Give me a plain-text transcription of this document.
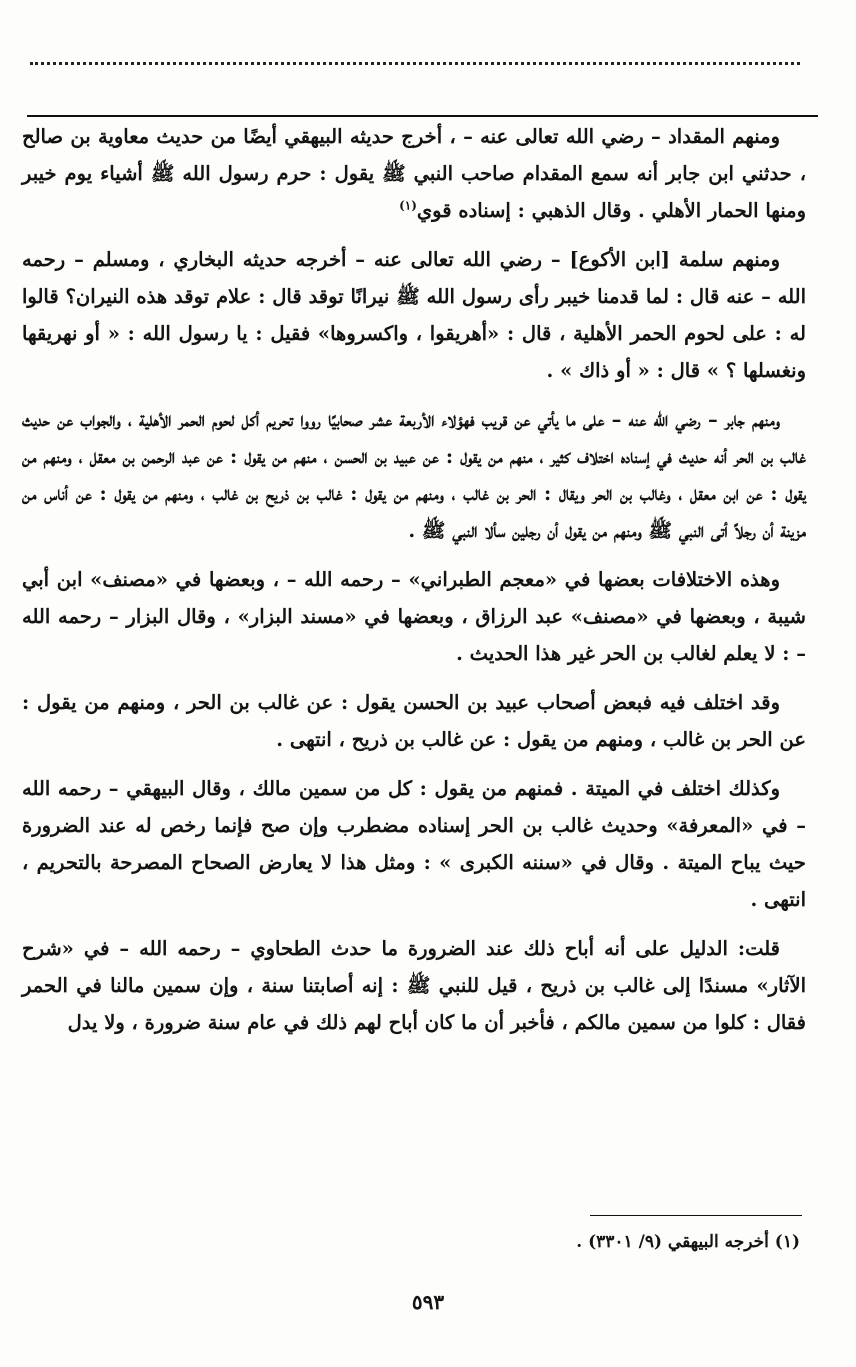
ومنهم المقداد – رضي الله تعالى عنه – ، أخرج حديثه البيهقي أيضًا من حديث معاوية بن صالح ، حدثني ابن جابر أنه سمع المقدام صاحب النبي ﷺ يقول : حرم رسول الله ﷺ أشياء يوم خيبر ومنها الحمار الأهلي . وقال الذهبي : إسناده قوي$^{(١)}$

ومنهم سلمة [ابن الأكوع] – رضي الله تعالى عنه – أخرجه حديثه البخاري ، ومسلم – رحمه الله – عنه قال : لما قدمنا خيبر رأى رسول الله ﷺ نيرانًا توقد قال : علام توقد هذه النيران؟ قالوا له : على لحوم الحمر الأهلية ، قال : «أهريقوا ، واكسروها» فقيل : يا رسول الله : « أو نهريقها ونغسلها ؟ » قال : « أو ذاك » .

ومنهم جابر – رضي الله عنه – على ما يأتي عن قريب فهؤلاء الأربعة عشر صحابيًا رووا تحريم أكل لحوم الحمر الأهلية ، والجواب عن حديث غالب بن الحر أنه حديث في إسناده اختلاف كثير ، منهم من يقول : عن عبيد بن الحسن ، منهم من يقول : عن عبد الرحمن بن معقل ، ومنهم من يقول : عن ابن معقل ، وغالب بن الحر ويقال : الحر بن غالب ، ومنهم من يقول : غالب بن ذريح بن غالب ، ومنهم من يقول : عن أناس من مزينة أن رجلاً أتى النبي ﷺ ومنهم من يقول أن رجلين سألا النبي ﷺ .

وهذه الاختلافات بعضها في «معجم الطبراني» – رحمه الله – ، وبعضها في «مصنف» ابن أبي شيبة ، وبعضها في «مصنف» عبد الرزاق ، وبعضها في «مسند البزار» ، وقال البزار – رحمه الله – : لا يعلم لغالب بن الحر غير هذا الحديث .

وقد اختلف فيه فبعض أصحاب عبيد بن الحسن يقول : عن غالب بن الحر ، ومنهم من يقول : عن الحر بن غالب ، ومنهم من يقول : عن غالب بن ذريح ، انتهى .

وكذلك اختلف في الميتة . فمنهم من يقول : كل من سمين مالك ، وقال البيهقي – رحمه الله – في «المعرفة» وحديث غالب بن الحر إسناده مضطرب وإن صح فإنما رخص له عند الضرورة حيث يباح الميتة . وقال في «سننه الكبرى » : ومثل هذا لا يعارض الصحاح المصرحة بالتحريم ، انتهى .

قلت: الدليل على أنه أباح ذلك عند الضرورة ما حدث الطحاوي – رحمه الله – في «شرح الآثار» مسندًا إلى غالب بن ذريح ، قيل للنبي ﷺ : إنه أصابتنا سنة ، وإن سمين مالنا في الحمر فقال : كلوا من سمين مالكم ، فأخبر أن ما كان أباح لهم ذلك في عام سنة ضرورة ، ولا يدل

(١) أخرجه البيهقي (٩/ ٣٣٠١) .
٥٩٣
